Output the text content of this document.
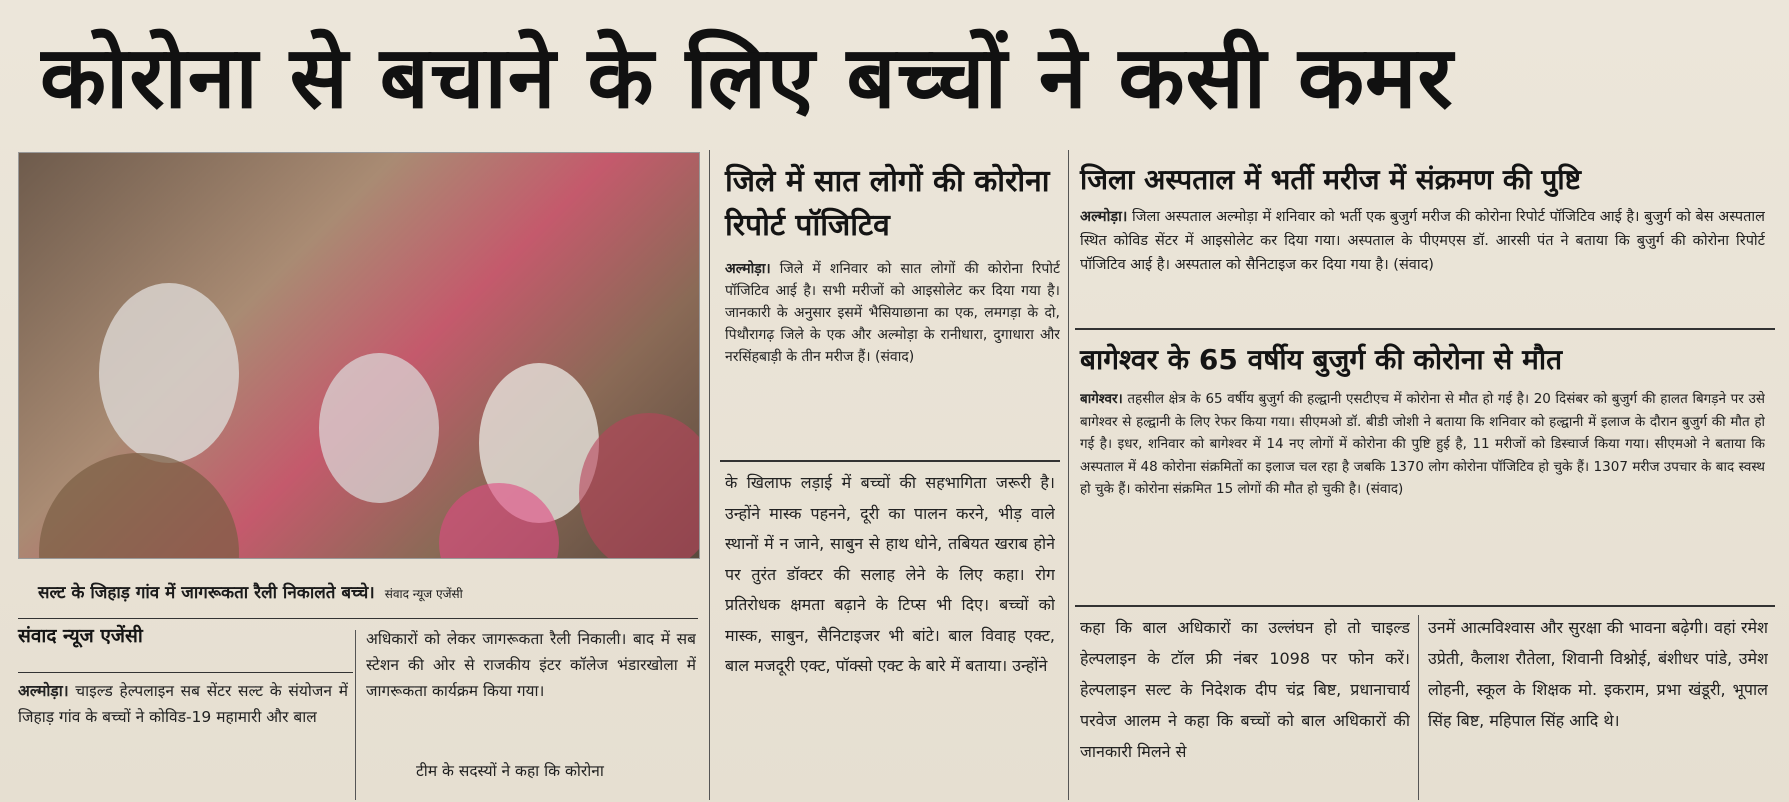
कोरोना से बचाने के लिए बच्चों ने कसी कमर
सल्ट के जिहाड़ गांव में जागरूकता रैली निकालते बच्चे। संवाद न्यूज एजेंसी
संवाद न्यूज एजेंसी
अल्मोड़ा। चाइल्ड हेल्पलाइन सब सेंटर सल्ट के संयोजन में जिहाड़ गांव के बच्चों ने कोविड-19 महामारी और बाल
अधिकारों को लेकर जागरूकता रैली निकाली। बाद में सब स्टेशन की ओर से राजकीय इंटर कॉलेज भंडारखोला में जागरूकता कार्यक्रम किया गया।
टीम के सदस्यों ने कहा कि कोरोना
जिले में सात लोगों की कोरोना रिपोर्ट पॉजिटिव
अल्मोड़ा। जिले में शनिवार को सात लोगों की कोरोना रिपोर्ट पॉजिटिव आई है। सभी मरीजों को आइसोलेट कर दिया गया है। जानकारी के अनुसार इसमें भैसियाछाना का एक, लमगड़ा के दो, पिथौरागढ़ जिले के एक और अल्मोड़ा के रानीधारा, दुगाधारा और नरसिंहबाड़ी के तीन मरीज हैं। (संवाद)
के खिलाफ लड़ाई में बच्चों की सहभागिता जरूरी है। उन्होंने मास्क पहनने, दूरी का पालन करने, भीड़ वाले स्थानों में न जाने, साबुन से हाथ धोने, तबियत खराब होने पर तुरंत डॉक्टर की सलाह लेने के लिए कहा। रोग प्रतिरोधक क्षमता बढ़ाने के टिप्स भी दिए। बच्चों को मास्क, साबुन, सैनिटाइजर भी बांटे। बाल विवाह एक्ट, बाल मजदूरी एक्ट, पॉक्सो एक्ट के बारे में बताया। उन्होंने
जिला अस्पताल में भर्ती मरीज में संक्रमण की पुष्टि
अल्मोड़ा। जिला अस्पताल अल्मोड़ा में शनिवार को भर्ती एक बुजुर्ग मरीज की कोरोना रिपोर्ट पॉजिटिव आई है। बुजुर्ग को बेस अस्पताल स्थित कोविड सेंटर में आइसोलेट कर दिया गया। अस्पताल के पीएमएस डॉ. आरसी पंत ने बताया कि बुजुर्ग की कोरोना रिपोर्ट पॉजिटिव आई है। अस्पताल को सैनिटाइज कर दिया गया है। (संवाद)
बागेश्वर के 65 वर्षीय बुजुर्ग की कोरोना से मौत
बागेश्वर। तहसील क्षेत्र के 65 वर्षीय बुजुर्ग की हल्द्वानी एसटीएच में कोरोना से मौत हो गई है। 20 दिसंबर को बुजुर्ग की हालत बिगड़ने पर उसे बागेश्वर से हल्द्वानी के लिए रेफर किया गया। सीएमओ डॉ. बीडी जोशी ने बताया कि शनिवार को हल्द्वानी में इलाज के दौरान बुजुर्ग की मौत हो गई है। इधर, शनिवार को बागेश्वर में 14 नए लोगों में कोरोना की पुष्टि हुई है, 11 मरीजों को डिस्चार्ज किया गया। सीएमओ ने बताया कि अस्पताल में 48 कोरोना संक्रमितों का इलाज चल रहा है जबकि 1370 लोग कोरोना पॉजिटिव हो चुके हैं। 1307 मरीज उपचार के बाद स्वस्थ हो चुके हैं। कोरोना संक्रमित 15 लोगों की मौत हो चुकी है। (संवाद)
कहा कि बाल अधिकारों का उल्लंघन हो तो चाइल्ड हेल्पलाइन के टॉल फ्री नंबर 1098 पर फोन करें। हेल्पलाइन सल्ट के निदेशक दीप चंद्र बिष्ट, प्रधानाचार्य परवेज आलम ने कहा कि बच्चों को बाल अधिकारों की जानकारी मिलने से
उनमें आत्मविश्वास और सुरक्षा की भावना बढ़ेगी। वहां रमेश उप्रेती, कैलाश रौतेला, शिवानी विश्नोई, बंशीधर पांडे, उमेश लोहनी, स्कूल के शिक्षक मो. इकराम, प्रभा खंडूरी, भूपाल सिंह बिष्ट, महिपाल सिंह आदि थे।
